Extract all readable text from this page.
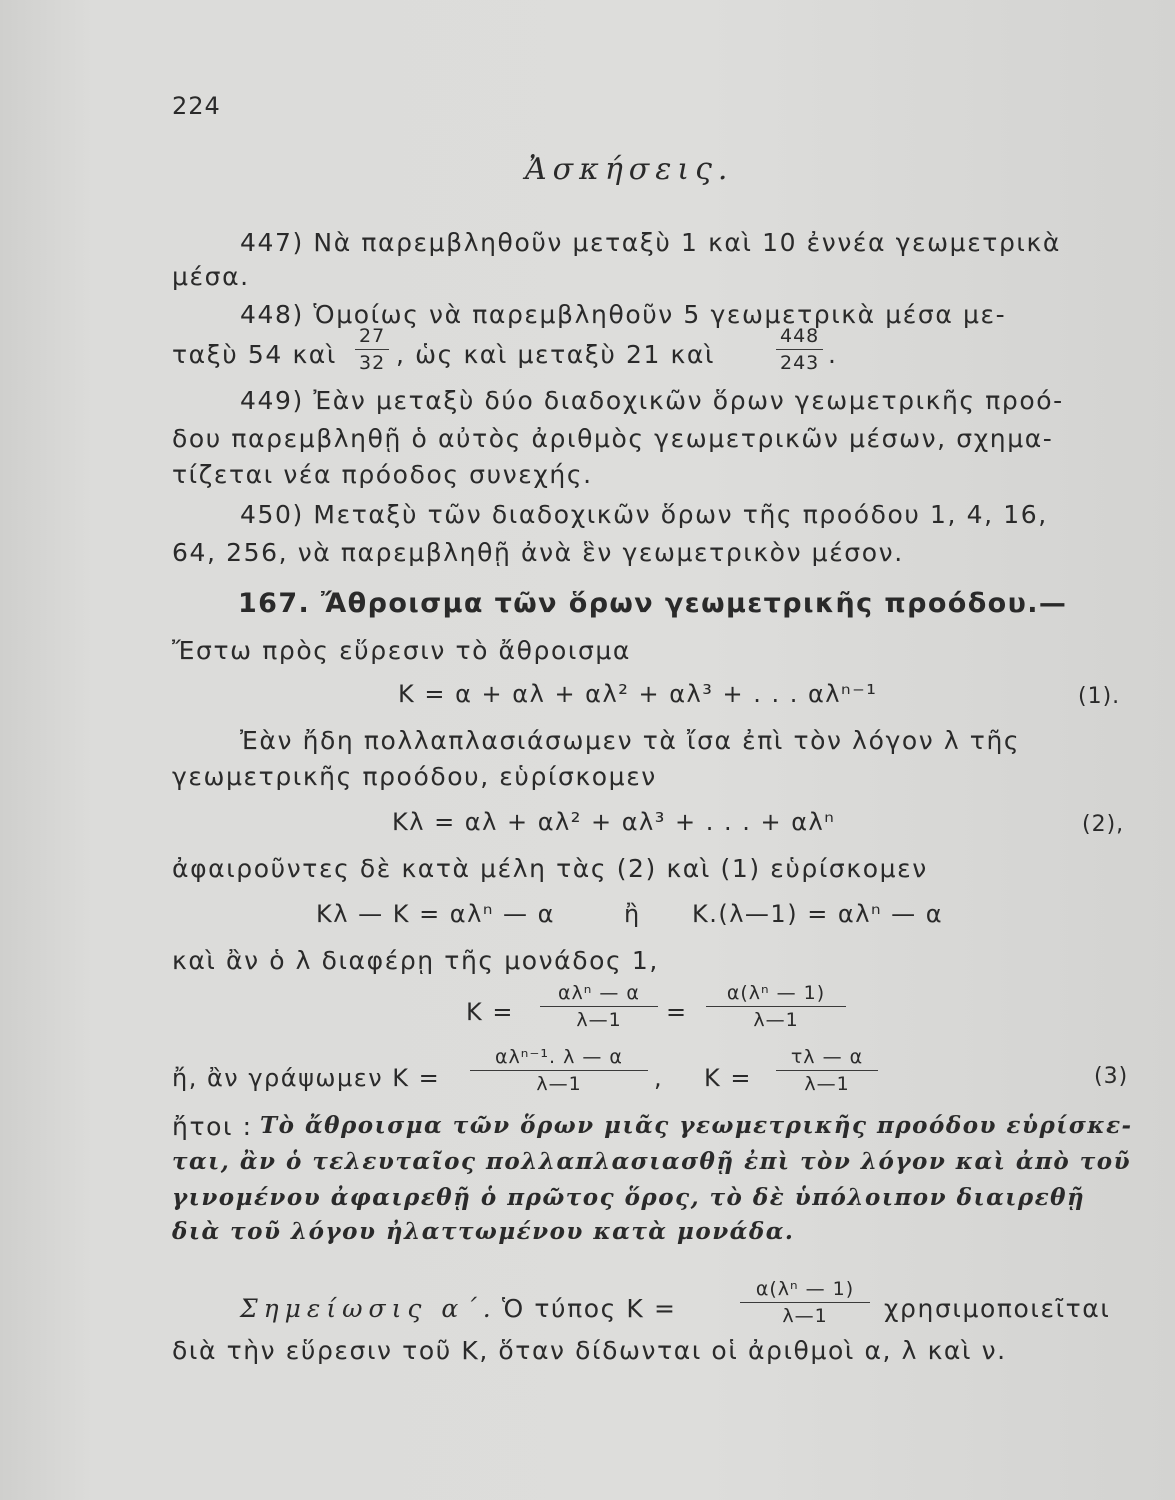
224
Ἀσκήσεις.
447) Νὰ παρεμβληθοῦν μεταξὺ 1 καὶ 10 ἐννέα γεωμετρικὰ
μέσα.
448) Ὁμοίως νὰ παρεμβληθοῦν 5 γεωμετρικὰ μέσα με-
ταξὺ 54 καὶ
27
32 , ὡς καὶ μεταξὺ 21 καὶ
448
243 .
449) Ἐὰν μεταξὺ δύο διαδοχικῶν ὅρων γεωμετρικῆς προό-
δου παρεμβληθῇ ὁ αὐτὸς ἀριθμὸς γεωμετρικῶν μέσων, σχημα-
τίζεται νέα πρόοδος συνεχής.
450) Μεταξὺ τῶν διαδοχικῶν ὅρων τῆς προόδου 1, 4, 16,
64, 256, νὰ παρεμβληθῇ ἀνὰ ἓν γεωμετρικὸν μέσον.
167. Ἄθροισμα τῶν ὅρων γεωμετρικῆς προόδου.—
Ἔστω πρὸς εὕρεσιν τὸ ἄθροισμα
Κ = α + αλ + αλ² + αλ³ + . . . αλⁿ⁻¹	(1).
Ἐὰν ἤδη πολλαπλασιάσωμεν τὰ ἴσα ἐπὶ τὸν λόγον λ τῆς
γεωμετρικῆς προόδου, εὑρίσκομεν
Κλ = αλ + αλ² + αλ³ + . . . + αλⁿ	(2),
ἀφαιροῦντες δὲ κατὰ μέλη τὰς (2) καὶ (1) εὑρίσκομεν
Κλ — Κ = αλⁿ — α	ἢ Κ.(λ—1) = αλⁿ — α
καὶ ἂν ὁ λ διαφέρῃ τῆς μονάδος 1,
Κ =
αλⁿ — α
λ—1	=
α(λⁿ — 1)
λ—1
ἤ, ἂν γράψωμεν Κ =
αλⁿ⁻¹. λ — α
λ—1	, Κ =
τλ — α
λ—1	(3)
ἤτοι : Τὸ ἄθροισμα τῶν ὅρων μιᾶς γεωμετρικῆς προόδου εὑρίσκε-
ται, ἂν ὁ τελευταῖος πολλαπλασιασθῇ ἐπὶ τὸν λόγον καὶ ἀπὸ τοῦ
γινομένου ἀφαιρεθῇ ὁ πρῶτος ὅρος, τὸ δὲ ὑπόλοιπον διαιρεθῇ
διὰ τοῦ λόγου ἠλαττωμένου κατὰ μονάδα.
Σημείωσις α΄. Ὁ τύπος Κ =
α(λⁿ — 1)
λ—1	χρησιμοποιεῖται
διὰ τὴν εὕρεσιν τοῦ Κ, ὅταν δίδωνται οἱ ἀριθμοὶ α, λ καὶ ν.
